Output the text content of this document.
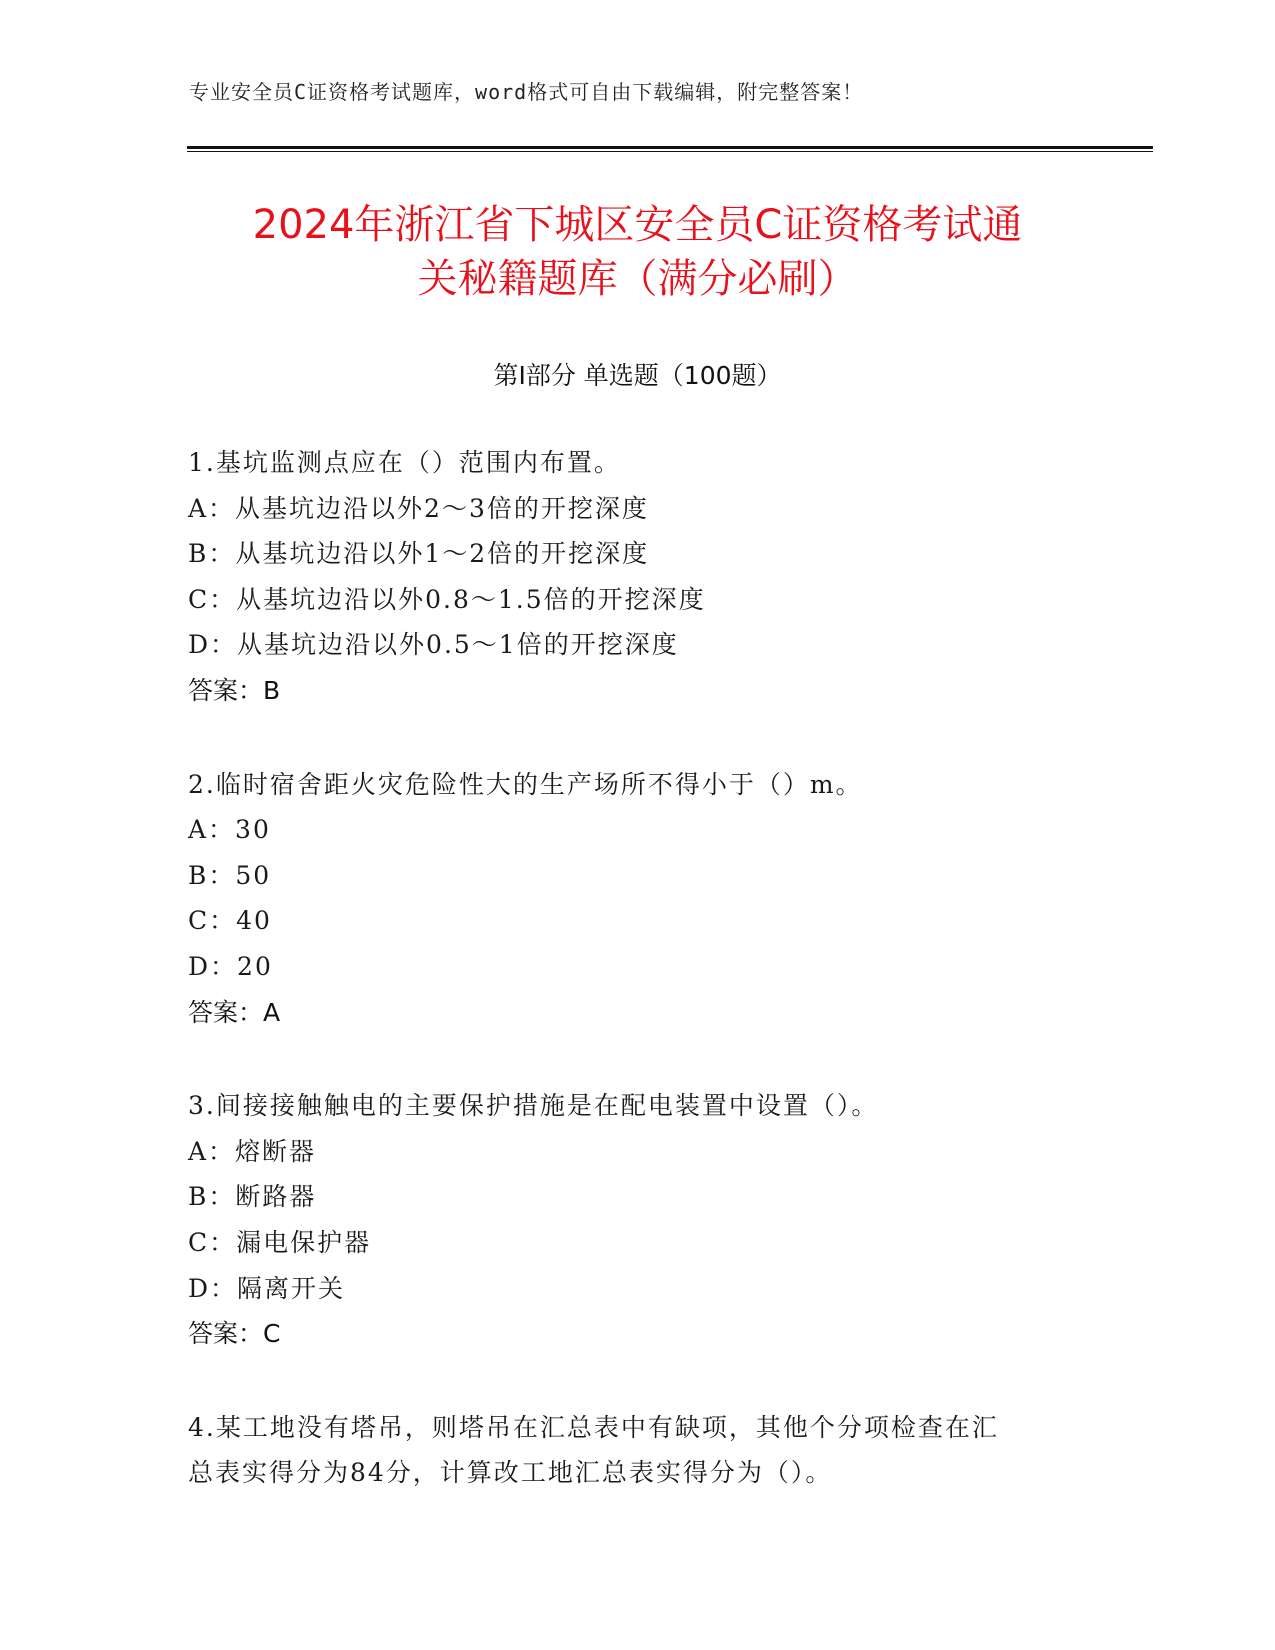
专业安全员C证资格考试题库，word格式可自由下载编辑，附完整答案！
2024年浙江省下城区安全员C证资格考试通
关秘籍题库（满分必刷）
第Ⅰ部分 单选题（100题）
1.基坑监测点应在（）范围内布置。
A：从基坑边沿以外2～3倍的开挖深度
B：从基坑边沿以外1～2倍的开挖深度
C：从基坑边沿以外0.8～1.5倍的开挖深度
D：从基坑边沿以外0.5～1倍的开挖深度
答案：B
2.临时宿舍距火灾危险性大的生产场所不得小于（）m。
A：30
B：50
C：40
D：20
答案：A
3.间接接触触电的主要保护措施是在配电装置中设置（）。
A：熔断器
B：断路器
C：漏电保护器
D：隔离开关
答案：C
4.某工地没有塔吊，则塔吊在汇总表中有缺项，其他个分项检查在汇
总表实得分为84分，计算改工地汇总表实得分为（）。
